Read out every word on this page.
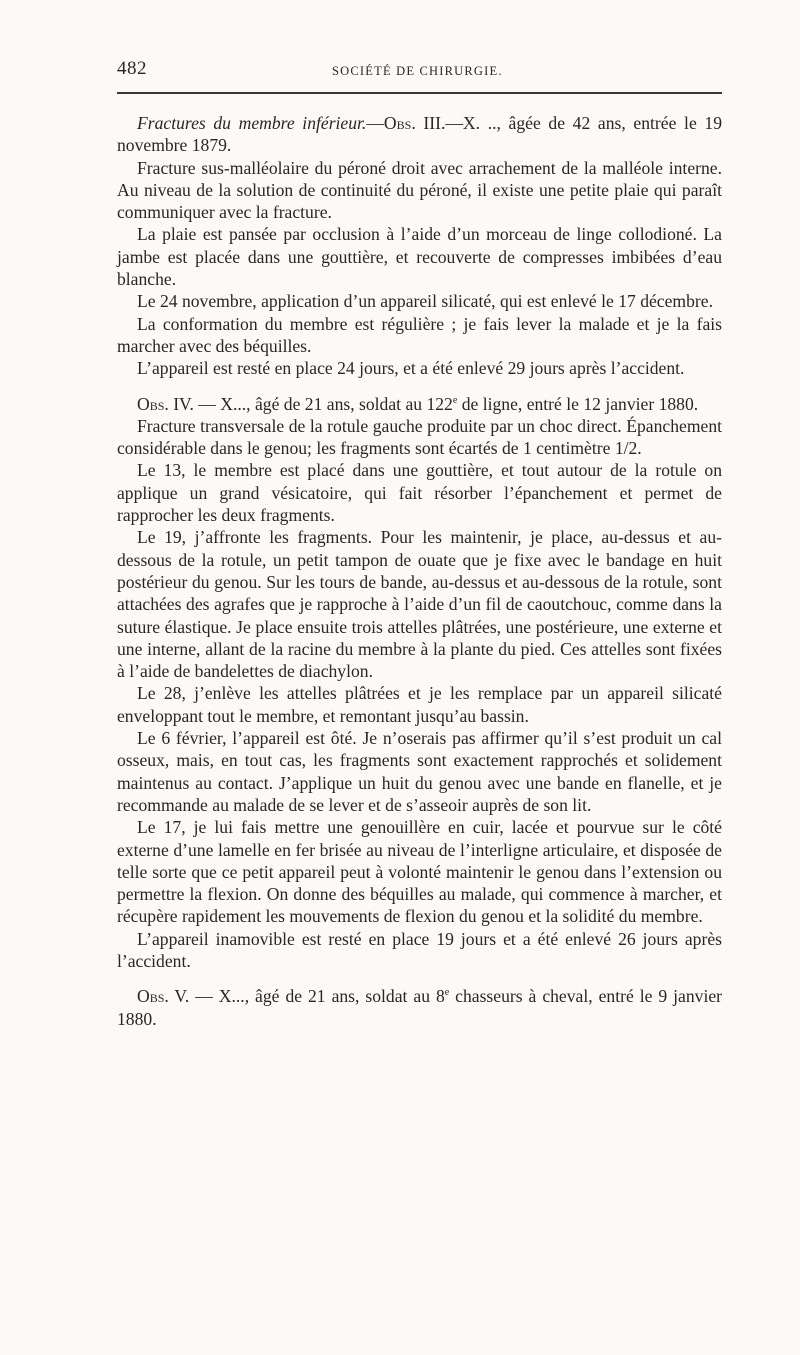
482	SOCIÉTÉ DE CHIRURGIE.

Fractures du membre inférieur.—Obs. III.—X. .., âgée de 42 ans, entrée le 19 novembre 1879.

Fracture sus-malléolaire du péroné droit avec arrachement de la malléole interne. Au niveau de la solution de continuité du péroné, il existe une petite plaie qui paraît communiquer avec la fracture.

La plaie est pansée par occlusion à l’aide d’un morceau de linge collodioné. La jambe est placée dans une gouttière, et recouverte de compresses imbibées d’eau blanche.

Le 24 novembre, application d’un appareil silicaté, qui est enlevé le 17 décembre.

La conformation du membre est régulière ; je fais lever la malade et je la fais marcher avec des béquilles.

L’appareil est resté en place 24 jours, et a été enlevé 29 jours après l’accident.

Obs. IV. — X..., âgé de 21 ans, soldat au 122e de ligne, entré le 12 janvier 1880.

Fracture transversale de la rotule gauche produite par un choc direct. Épanchement considérable dans le genou; les fragments sont écartés de 1 centimètre 1/2.

Le 13, le membre est placé dans une gouttière, et tout autour de la rotule on applique un grand vésicatoire, qui fait résorber l’épanchement et permet de rapprocher les deux fragments.

Le 19, j’affronte les fragments. Pour les maintenir, je place, au-dessus et au-dessous de la rotule, un petit tampon de ouate que je fixe avec le bandage en huit postérieur du genou. Sur les tours de bande, au-dessus et au-dessous de la rotule, sont attachées des agrafes que je rapproche à l’aide d’un fil de caoutchouc, comme dans la suture élastique. Je place ensuite trois attelles plâtrées, une postérieure, une externe et une interne, allant de la racine du membre à la plante du pied. Ces attelles sont fixées à l’aide de bandelettes de diachylon.

Le 28, j’enlève les attelles plâtrées et je les remplace par un appareil silicaté enveloppant tout le membre, et remontant jusqu’au bassin.

Le 6 février, l’appareil est ôté. Je n’oserais pas affirmer qu’il s’est produit un cal osseux, mais, en tout cas, les fragments sont exactement rapprochés et solidement maintenus au contact. J’applique un huit du genou avec une bande en flanelle, et je recommande au malade de se lever et de s’asseoir auprès de son lit.

Le 17, je lui fais mettre une genouillère en cuir, lacée et pourvue sur le côté externe d’une lamelle en fer brisée au niveau de l’interligne articulaire, et disposée de telle sorte que ce petit appareil peut à volonté maintenir le genou dans l’extension ou permettre la flexion. On donne des béquilles au malade, qui commence à marcher, et récupère rapidement les mouvements de flexion du genou et la solidité du membre.

L’appareil inamovible est resté en place 19 jours et a été enlevé 26 jours après l’accident.

Obs. V. — X..., âgé de 21 ans, soldat au 8e chasseurs à cheval, entré le 9 janvier 1880.
